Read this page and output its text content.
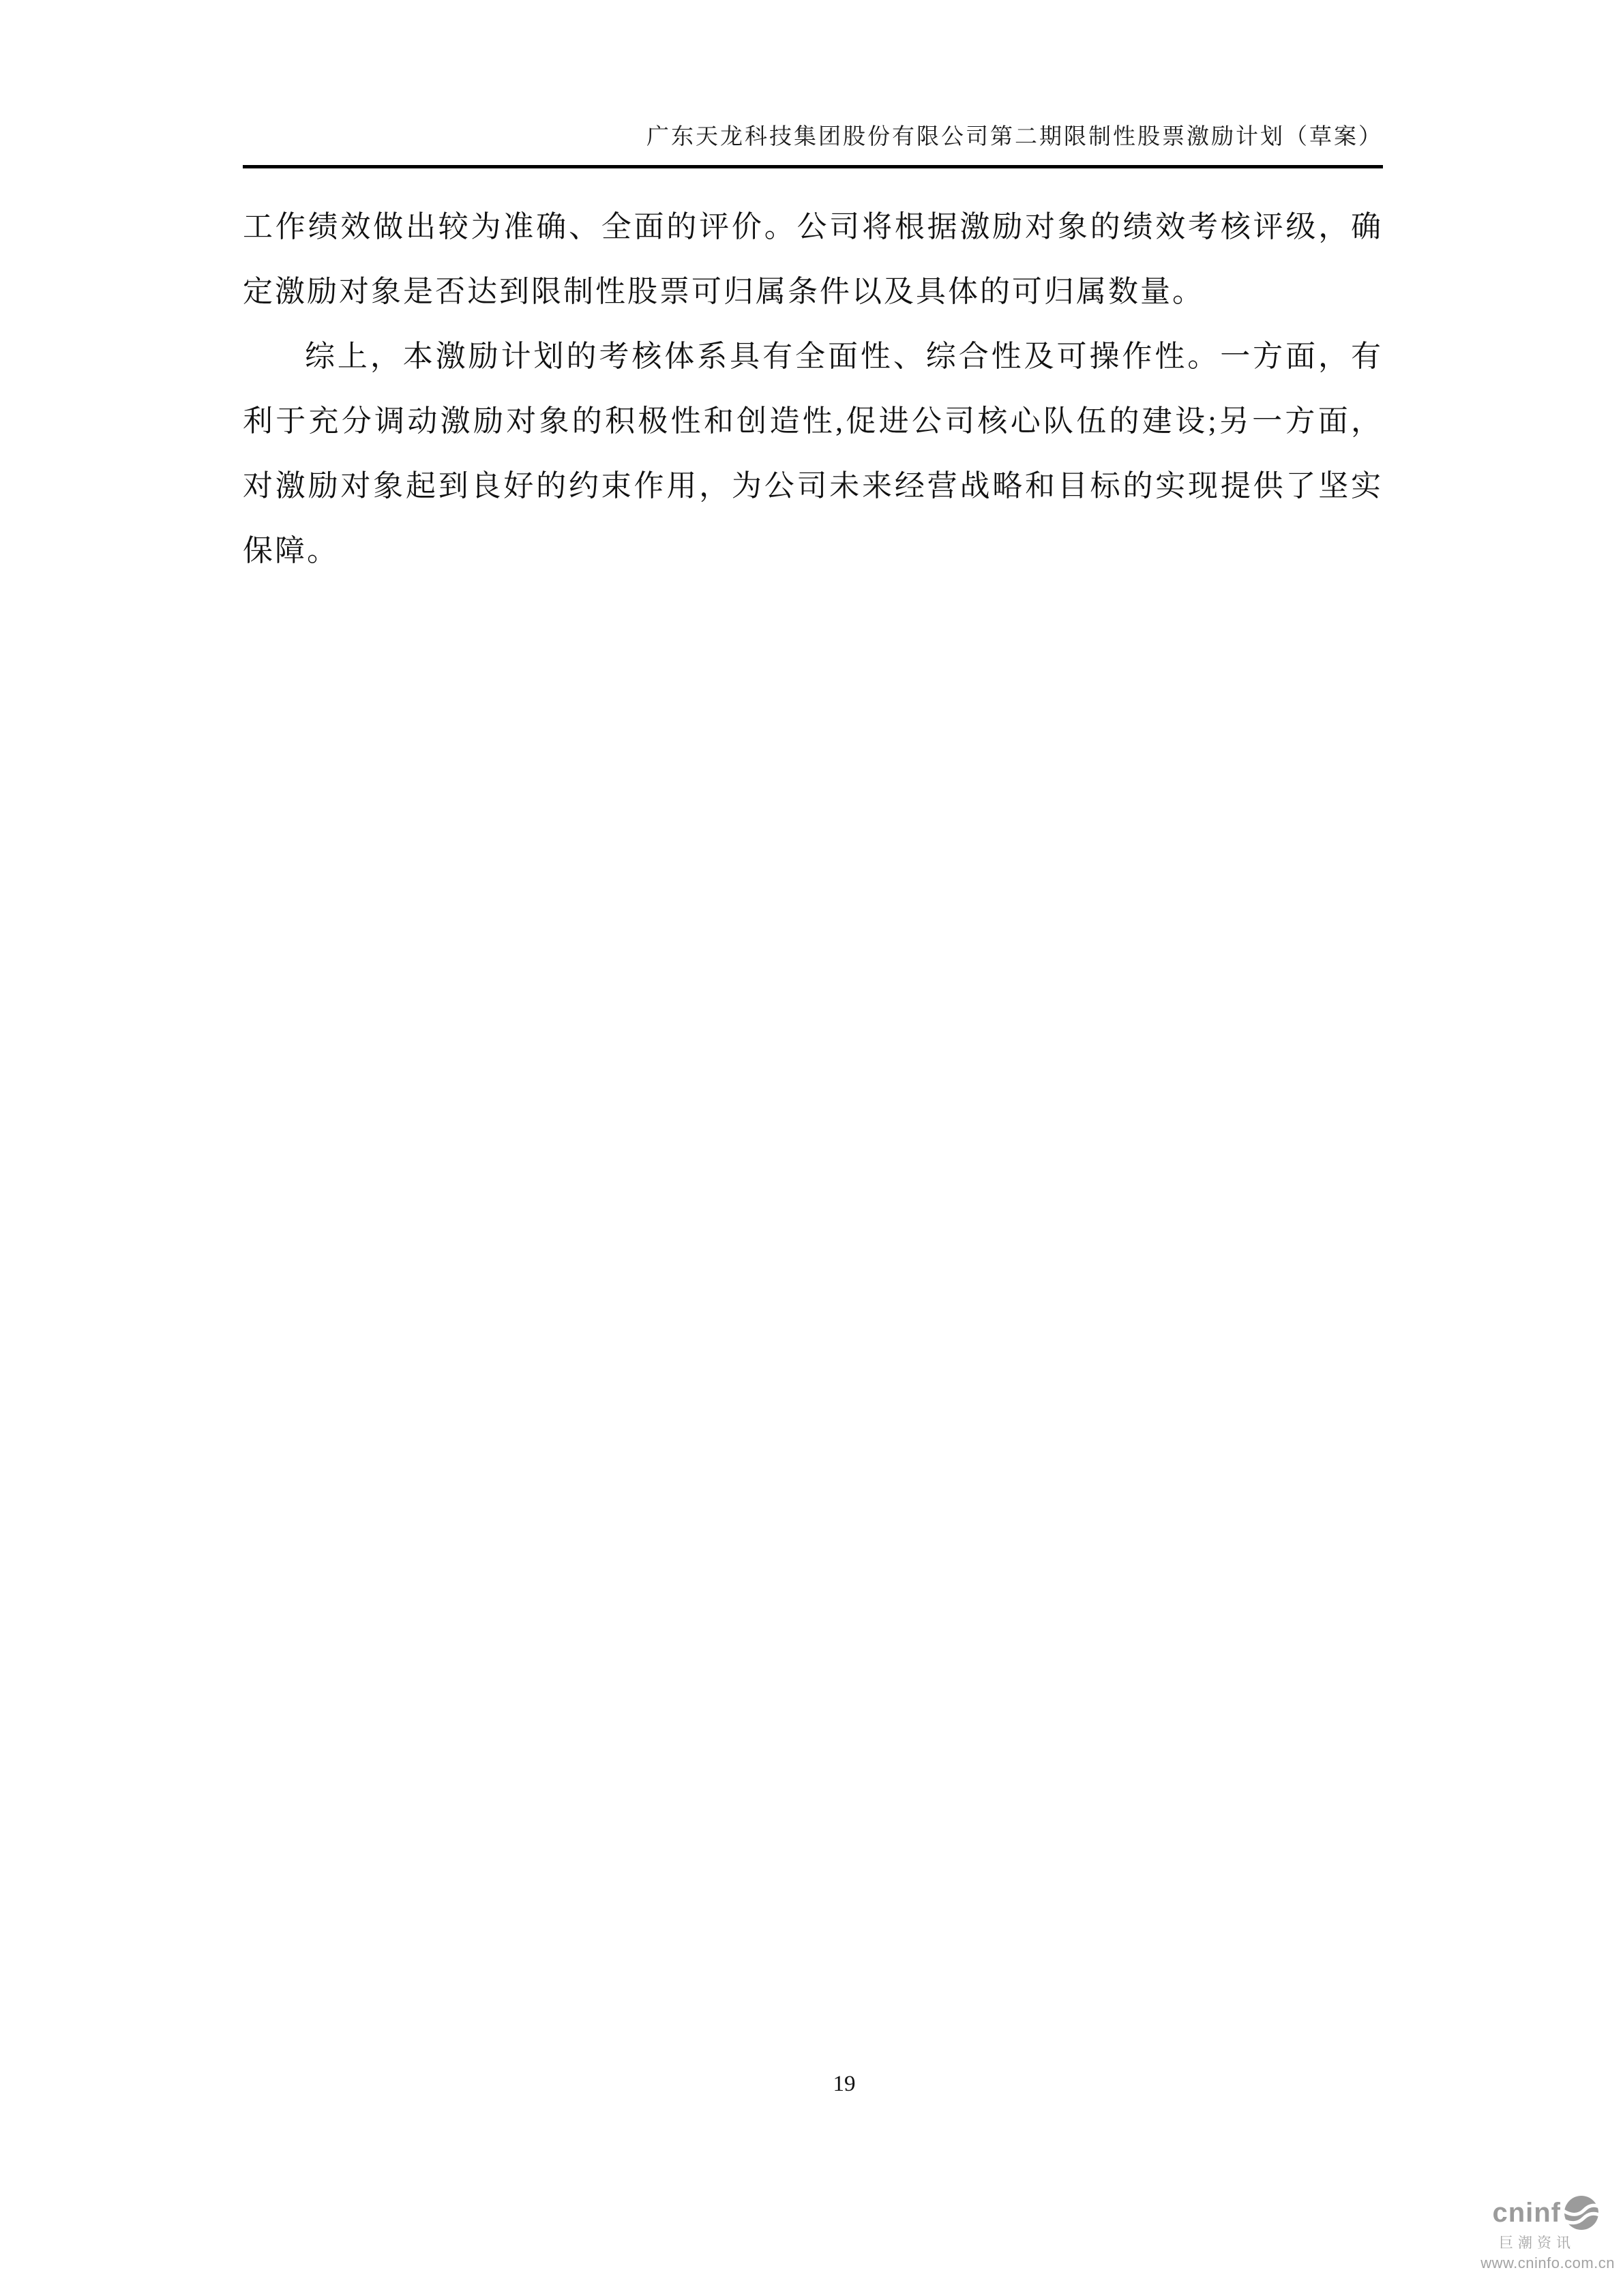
广东天龙科技集团股份有限公司第二期限制性股票激励计划（草案）

工作绩效做出较为准确、全面的评价。公司将根据激励对象的绩效考核评级，确定激励对象是否达到限制性股票可归属条件以及具体的可归属数量。

综上，本激励计划的考核体系具有全面性、综合性及可操作性。一方面，有利于充分调动激励对象的积极性和创造性,促进公司核心队伍的建设;另一方面，对激励对象起到良好的约束作用，为公司未来经营战略和目标的实现提供了坚实保障。

19
cninf
巨潮资讯
www.cninfo.com.cn
